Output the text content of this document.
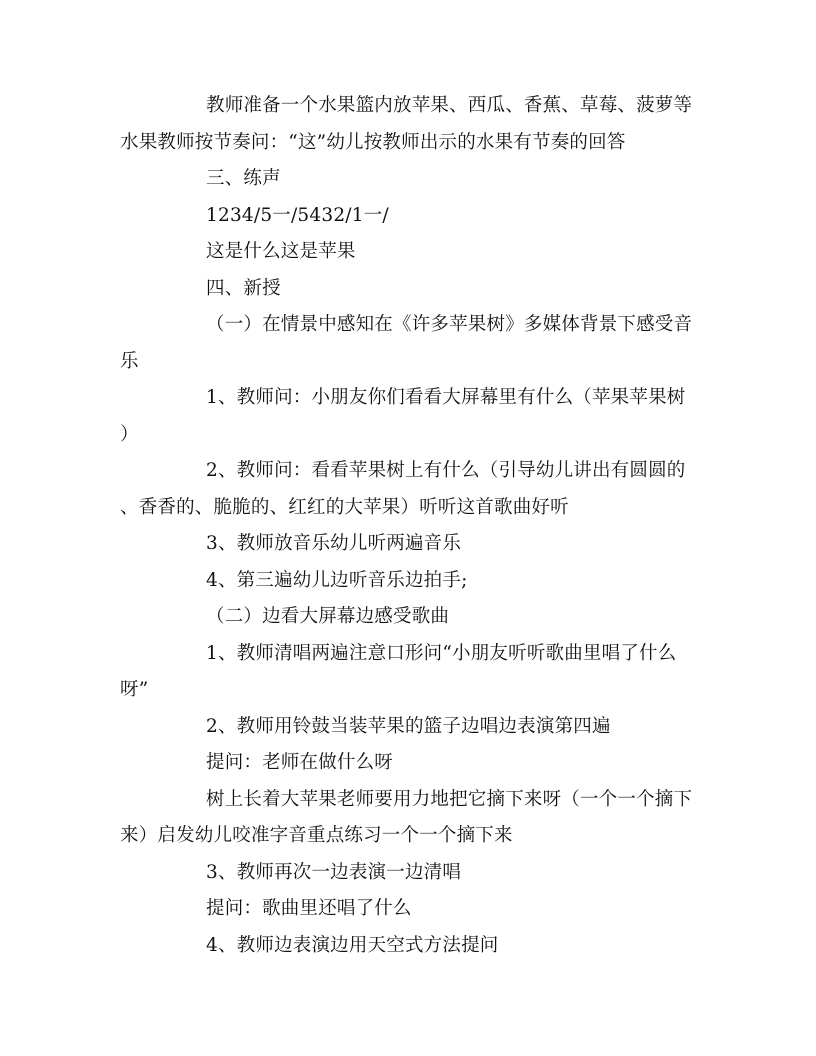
教师准备一个水果篮内放苹果、西瓜、香蕉、草莓、菠萝等
水果教师按节奏问：“这”幼儿按教师出示的水果有节奏的回答

三、练声

1234/5一/5432/1一/

这是什么这是苹果

四、新授

（一）在情景中感知在《许多苹果树》多媒体背景下感受音
乐

1、教师问：小朋友你们看看大屏幕里有什么（苹果苹果树
）

2、教师问：看看苹果树上有什么（引导幼儿讲出有圆圆的
、香香的、脆脆的、红红的大苹果）听听这首歌曲好听

3、教师放音乐幼儿听两遍音乐

4、第三遍幼儿边听音乐边拍手;

（二）边看大屏幕边感受歌曲

1、教师清唱两遍注意口形问“小朋友听听歌曲里唱了什么
呀”

2、教师用铃鼓当装苹果的篮子边唱边表演第四遍

提问：老师在做什么呀

树上长着大苹果老师要用力地把它摘下来呀（一个一个摘下
来）启发幼儿咬准字音重点练习一个一个摘下来

3、教师再次一边表演一边清唱

提问：歌曲里还唱了什么

4、教师边表演边用天空式方法提问
